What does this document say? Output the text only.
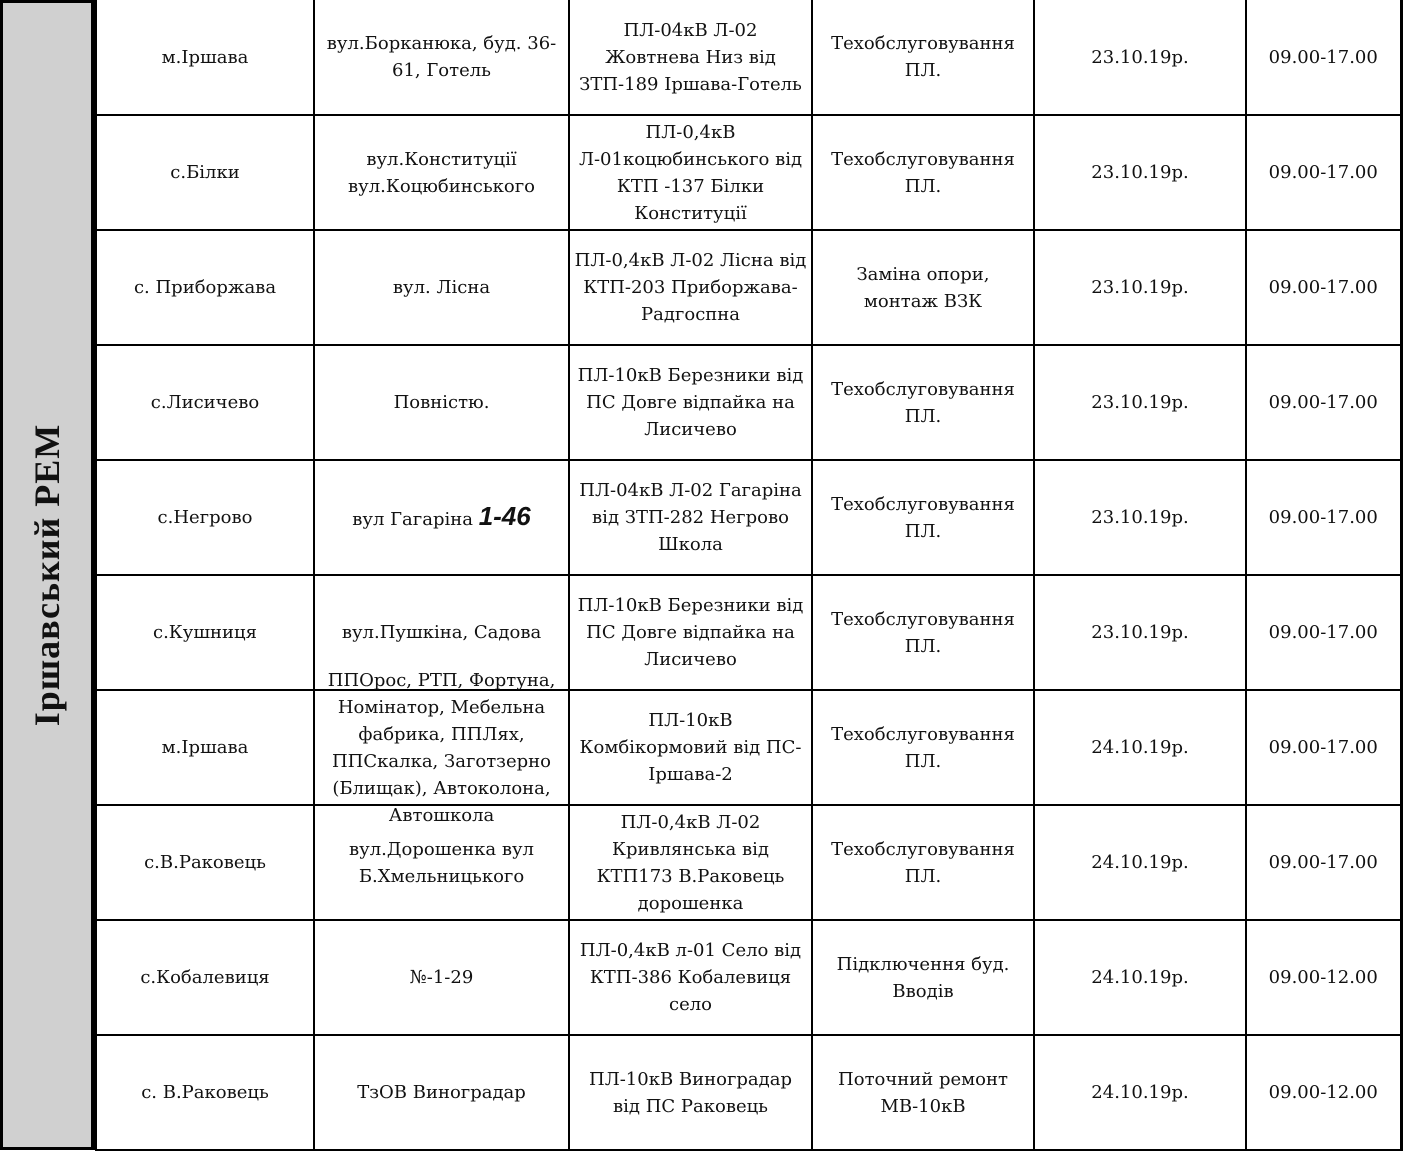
Іршавський РЕМ
м.Іршава	вул.Борканюка, буд. 36-61, Готель	ПЛ-04кВ Л-02 Жовтнева Низ від ЗТП-189 Іршава-Готель	Техобслуговування ПЛ.	23.10.19р.	09.00-17.00
с.Білки	вул.Конституції вул.Коцюбинського	ПЛ-0,4кВ Л-01коцюбинського від КТП -137 Білки Конституції	Техобслуговування ПЛ.	23.10.19р.	09.00-17.00
с. Приборжава	вул. Лісна	ПЛ-0,4кВ Л-02 Лісна від КТП-203 Приборжава-Радгоспна	Заміна опори, монтаж ВЗК	23.10.19р.	09.00-17.00
с.Лисичево	Повністю.	ПЛ-10кВ Березники від ПС Довге відпайка на Лисичево	Техобслуговування ПЛ.	23.10.19р.	09.00-17.00
с.Негрово	вул Гагаріна 1-46	ПЛ-04кВ Л-02 Гагаріна від ЗТП-282 Негрово Школа	Техобслуговування ПЛ.	23.10.19р.	09.00-17.00
с.Кушниця	вул.Пушкіна, Садова	ПЛ-10кВ Березники від ПС Довге відпайка на Лисичево	Техобслуговування ПЛ.	23.10.19р.	09.00-17.00
м.Іршава	ППОрос, РТП, Фортуна, Номінатор, Мебельна фабрика, ППЛях, ППСкалка, Заготзерно (Блищак), Автоколона, Автошкола	ПЛ-10кВ Комбікормовий від ПС-Іршава-2	Техобслуговування ПЛ.	24.10.19р.	09.00-17.00
с.В.Раковець	вул.Дорошенка вул Б.Хмельницького	ПЛ-0,4кВ Л-02 Кривлянська від КТП173 В.Раковець дорошенка	Техобслуговування ПЛ.	24.10.19р.	09.00-17.00
с.Кобалевиця	№-1-29	ПЛ-0,4кВ л-01 Село від КТП-386 Кобалевиця село	Підключення буд. Вводів	24.10.19р.	09.00-12.00
с. В.Раковець	ТзОВ Виноградар	ПЛ-10кВ Виноградар від ПС Раковець	Поточний ремонт МВ-10кВ	24.10.19р.	09.00-12.00
